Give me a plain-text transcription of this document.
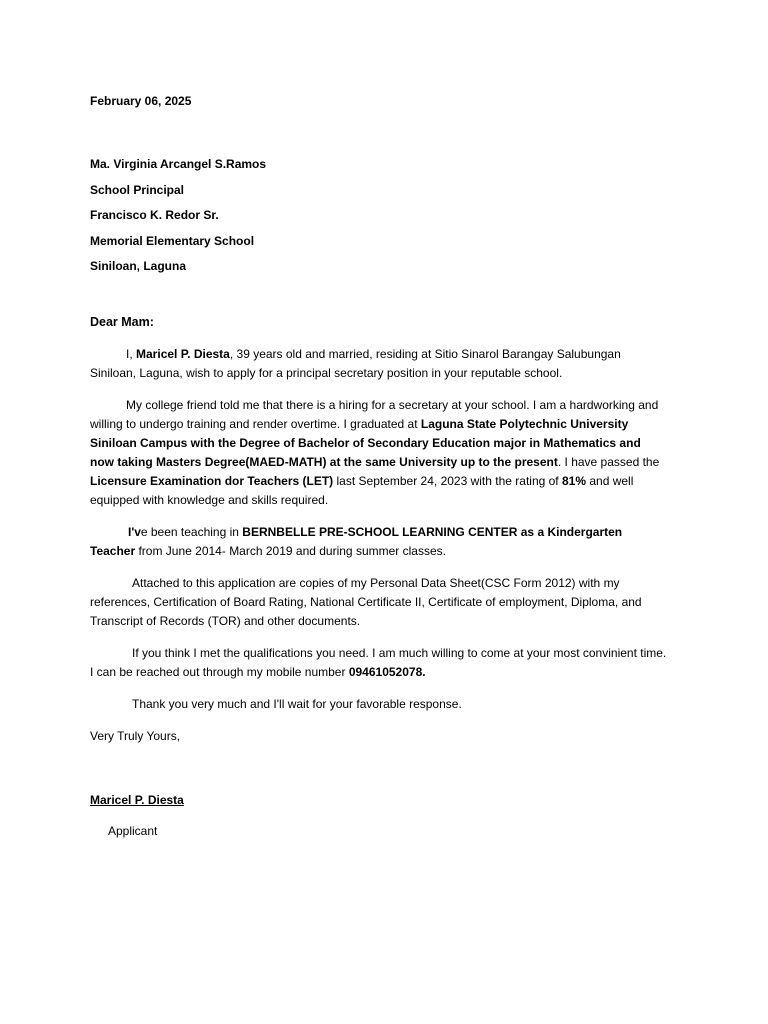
February 06, 2025
Ma. Virginia Arcangel S.Ramos
School Principal
Francisco K. Redor Sr.
Memorial Elementary School
Siniloan, Laguna
Dear Mam:
I, Maricel P. Diesta, 39 years old and married, residing at Sitio Sinarol Barangay Salubungan Siniloan, Laguna, wish to apply for a principal secretary position in your reputable school.
My college friend told me that there is a hiring for a secretary at your school. I am a hardworking and willing to undergo training and render overtime. I graduated at Laguna State Polytechnic University Siniloan Campus with the Degree of Bachelor of Secondary Education major in Mathematics and now taking Masters Degree(MAED-MATH) at the same University up to the present. I have passed the Licensure Examination dor Teachers (LET) last September 24, 2023 with the rating of 81% and well equipped with knowledge and skills required.
I've been teaching in BERNBELLE PRE-SCHOOL LEARNING CENTER as a Kindergarten Teacher from June 2014- March 2019 and during summer classes.
Attached to this application are copies of my Personal Data Sheet(CSC Form 2012) with my references, Certification of Board Rating, National Certificate II, Certificate of employment, Diploma, and Transcript of Records (TOR) and other documents.
If you think I met the qualifications you need. I am much willing to come at your most convinient time. I can be reached out through my mobile number 09461052078.
Thank you very much and I'll wait for your favorable response.
Very Truly Yours,
Maricel P. Diesta
Applicant
